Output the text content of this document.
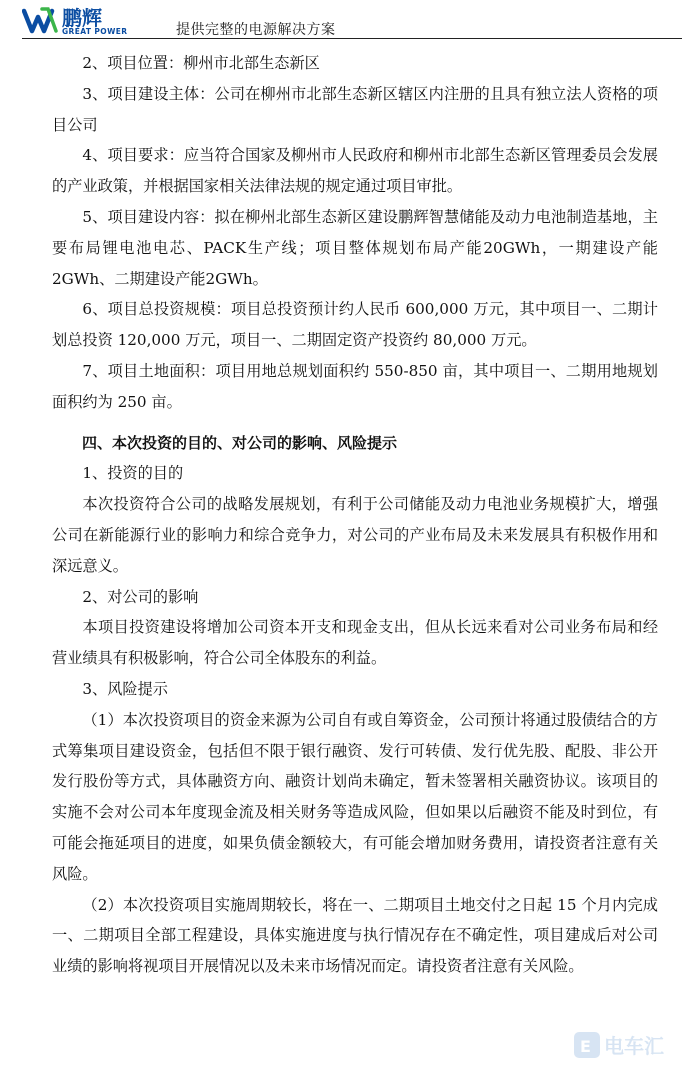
鹏辉
GREAT POWER	提供完整的电源解决方案

2、项目位置：柳州市北部生态新区

3、项目建设主体：公司在柳州市北部生态新区辖区内注册的且具有独立法人资格的项目公司

4、项目要求：应当符合国家及柳州市人民政府和柳州市北部生态新区管理委员会发展的产业政策，并根据国家相关法律法规的规定通过项目审批。

5、项目建设内容：拟在柳州北部生态新区建设鹏辉智慧储能及动力电池制造基地，主要布局锂电池电芯、PACK生产线；项目整体规划布局产能20GWh，一期建设产能2GWh、二期建设产能2GWh。

6、项目总投资规模：项目总投资预计约人民币 600,000 万元，其中项目一、二期计划总投资 120,000 万元，项目一、二期固定资产投资约 80,000 万元。

7、项目土地面积：项目用地总规划面积约 550-850 亩，其中项目一、二期用地规划面积约为 250 亩。

四、本次投资的目的、对公司的影响、风险提示

1、投资的目的

本次投资符合公司的战略发展规划，有利于公司储能及动力电池业务规模扩大，增强公司在新能源行业的影响力和综合竞争力，对公司的产业布局及未来发展具有积极作用和深远意义。

2、对公司的影响

本项目投资建设将增加公司资本开支和现金支出，但从长远来看对公司业务布局和经营业绩具有积极影响，符合公司全体股东的利益。

3、风险提示

（1）本次投资项目的资金来源为公司自有或自筹资金，公司预计将通过股债结合的方式筹集项目建设资金，包括但不限于银行融资、发行可转债、发行优先股、配股、非公开发行股份等方式，具体融资方向、融资计划尚未确定，暂未签署相关融资协议。该项目的实施不会对公司本年度现金流及相关财务等造成风险，但如果以后融资不能及时到位，有可能会拖延项目的进度，如果负债金额较大，有可能会增加财务费用，请投资者注意有关风险。

（2）本次投资项目实施周期较长，将在一、二期项目土地交付之日起 15 个月内完成一、二期项目全部工程建设，具体实施进度与执行情况存在不确定性，项目建成后对公司业绩的影响将视项目开展情况以及未来市场情况而定。请投资者注意有关风险。

E 电车汇
